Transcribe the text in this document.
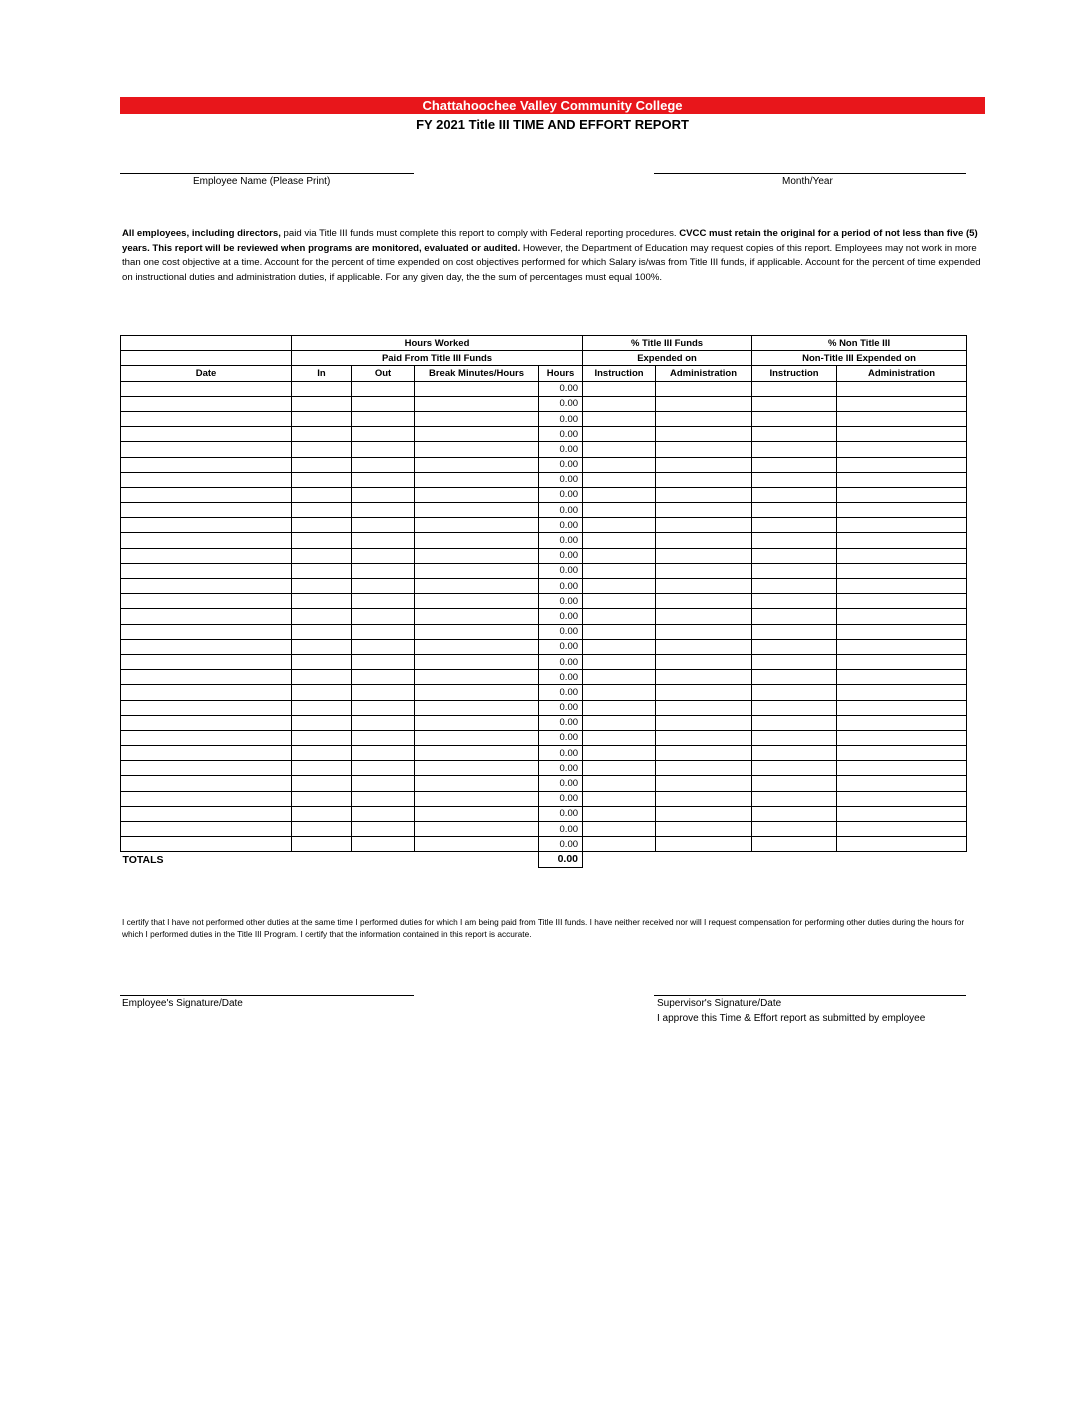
Chattahoochee Valley Community College
FY 2021 Title III TIME AND EFFORT REPORT
Employee Name (Please Print)	Month/Year
All employees, including directors, paid via Title III funds must complete this report to comply with Federal reporting procedures. CVCC must retain the original for a period of not less than five (5) years. This report will be reviewed when programs are monitored, evaluated or audited. However, the Department of Education may request copies of this report. Employees may not work in more than one cost objective at a time. Account for the percent of time expended on cost objectives performed for which Salary is/was from Title III funds, if applicable. Account for the percent of time expended on instructional duties and administration duties, if applicable. For any given day, the the sum of percentages must equal 100%.
	Hours Worked				% Title III Funds		% Non Title III	
	Paid From Title III Funds				Expended on		Non-Title III Expended on	
Date	In	Out	Break Minutes/Hours	Hours	Instruction	Administration	Instruction	Administration
				0.00				
				0.00				
				0.00				
				0.00				
				0.00				
				0.00				
				0.00				
				0.00				
				0.00				
				0.00				
				0.00				
				0.00				
				0.00				
				0.00				
				0.00				
				0.00				
				0.00				
				0.00				
				0.00				
				0.00				
				0.00				
				0.00				
				0.00				
				0.00				
				0.00				
				0.00				
				0.00				
				0.00				
				0.00				
				0.00				
				0.00				
TOTALS				0.00				
I certify that I have not performed other duties at the same time I performed duties for which I am being paid from Title III funds. I have neither received nor will I request compensation for performing other duties during the hours for which I performed duties in the Title III Program. I certify that the information contained in this report is accurate.
Employee's Signature/Date	Supervisor's Signature/Date
I approve this Time & Effort report as submitted by employee
